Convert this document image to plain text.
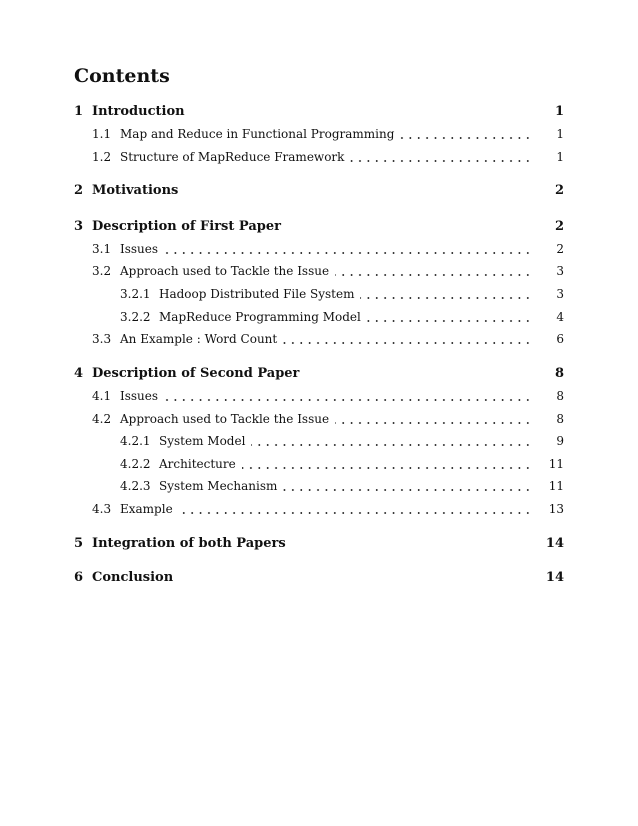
Contents
1 Introduction	1
1.1 Map and Reduce in Functional Programming	1
1.2 Structure of MapReduce Framework	1
2 Motivations	2
3 Description of First Paper	2
3.1 Issues	2
3.2 Approach used to Tackle the Issue	3
3.2.1 Hadoop Distributed File System	3
3.2.2 MapReduce Programming Model	4
3.3 An Example : Word Count	6
4 Description of Second Paper	8
4.1 Issues	8
4.2 Approach used to Tackle the Issue	8
4.2.1 System Model	9
4.2.2 Architecture	11
4.2.3 System Mechanism	11
4.3 Example	13
5 Integration of both Papers	14
6 Conclusion	14
